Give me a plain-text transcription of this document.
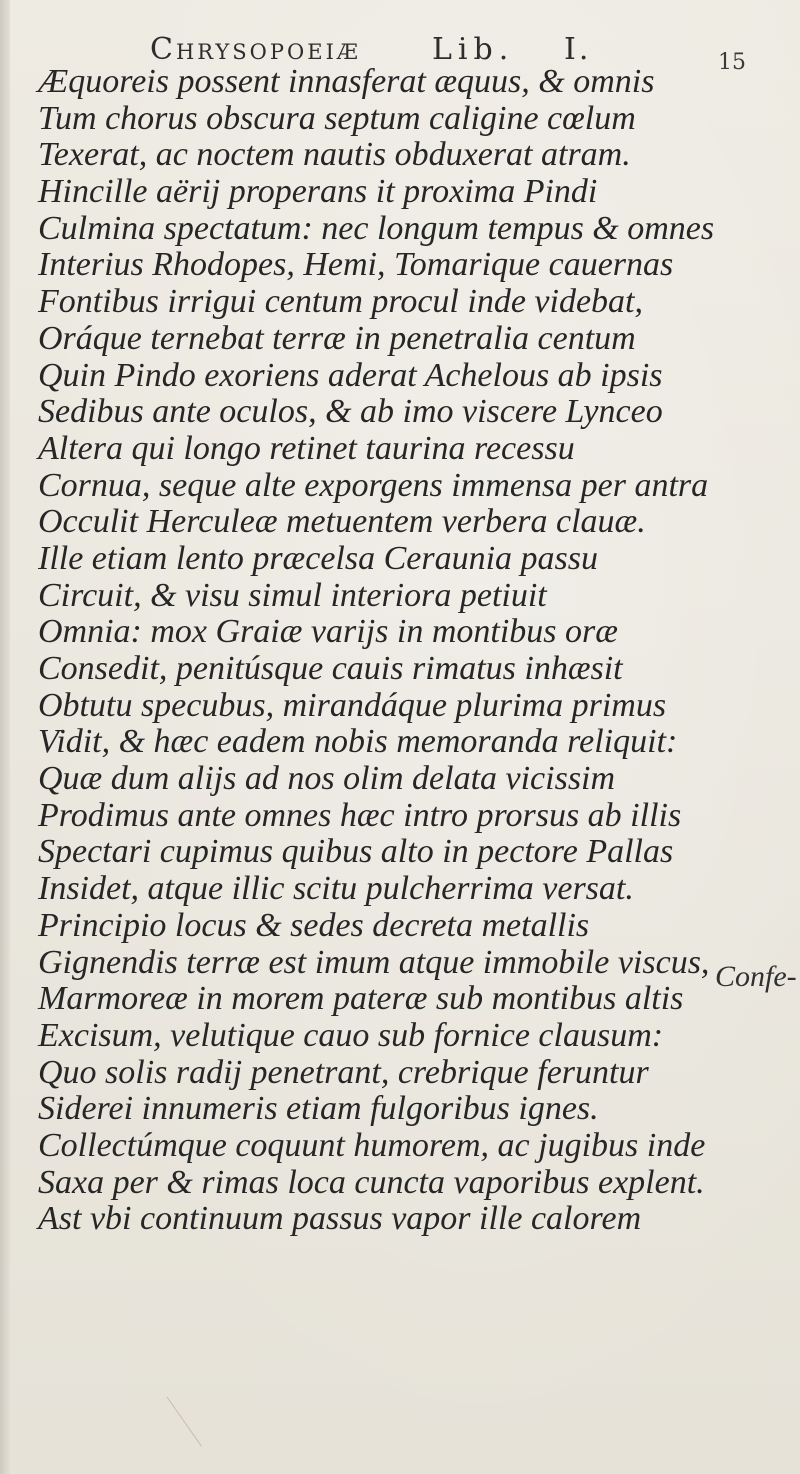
Chrysopoeiæ Lib. I.	15
Æquoreis possent innasferat æquus, & omnis
Tum chorus obscura septum caligine cœlum
Texerat, ac noctem nautis obduxerat atram.
Hincille aërij properans it proxima Pindi
Culmina spectatum: nec longum tempus & omnes
Interius Rhodopes, Hemi, Tomarique cauernas
Fontibus irrigui centum procul inde videbat,
Oráque ternebat terræ in penetralia centum
Quin Pindo exoriens aderat Achelous ab ipsis
Sedibus ante oculos, & ab imo viscere Lynceo
Altera qui longo retinet taurina recessu
Cornua, seque alte exporgens immensa per antra
Occulit Herculeæ metuentem verbera clauæ.
Ille etiam lento præcelsa Ceraunia passu
Circuit, & visu simul interiora petiuit
Omnia: mox Graiæ varijs in montibus oræ
Consedit, penitúsque cauis rimatus inhæsit
Obtutu specubus, mirandáque plurima primus
Vidit, & hæc eadem nobis memoranda reliquit:
Quæ dum alijs ad nos olim delata vicissim
Prodimus ante omnes hæc intro prorsus ab illis
Spectari cupimus quibus alto in pectore Pallas
Insidet, atque illic scitu pulcherrima versat.
Principio locus & sedes decreta metallis
Gignendis terræ est imum atque immobile viscus,
Marmoreæ in morem pateræ sub montibus altis
Excisum, velutique cauo sub fornice clausum:
Quo solis radij penetrant, crebrique feruntur
Siderei innumeris etiam fulgoribus ignes.
Collectúmque coquunt humorem, ac jugibus inde
Saxa per & rimas loca cuncta vaporibus explent.
Ast vbi continuum passus vapor ille calorem
Confe-
